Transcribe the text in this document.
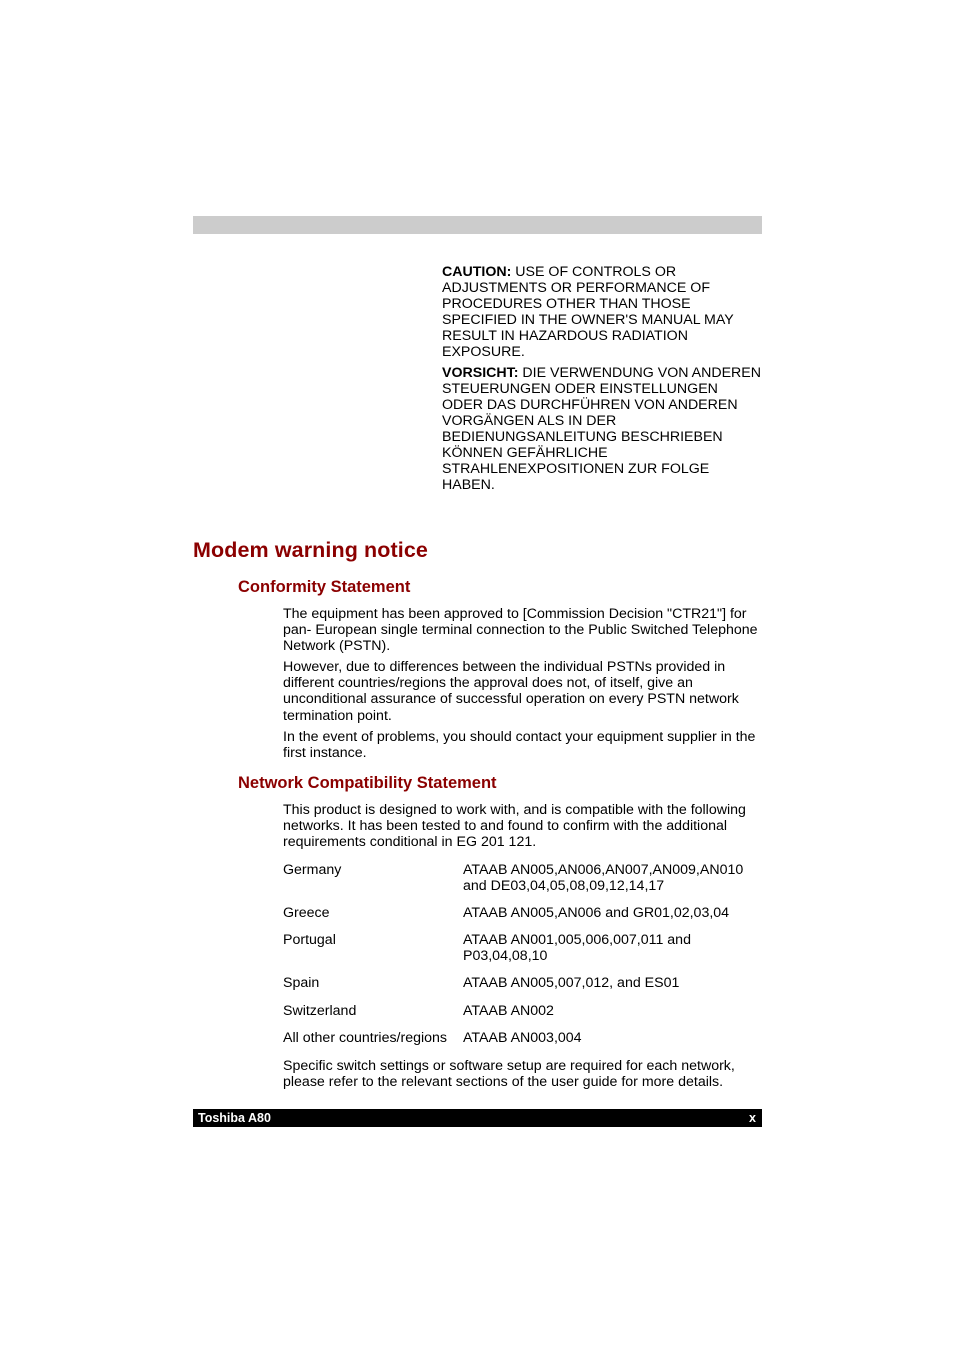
CAUTION: USE OF CONTROLS OR ADJUSTMENTS OR PERFORMANCE OF PROCEDURES OTHER THAN THOSE SPECIFIED IN THE OWNER'S MANUAL MAY RESULT IN HAZARDOUS RADIATION EXPOSURE.

VORSICHT: DIE VERWENDUNG VON ANDEREN STEUERUNGEN ODER EINSTELLUNGEN ODER DAS DURCHFÜHREN VON ANDEREN VORGÄNGEN ALS IN DER BEDIENUNGSANLEITUNG BESCHRIEBEN KÖNNEN GEFÄHRLICHE STRAHLENEXPOSITIONEN ZUR FOLGE HABEN.

Modem warning notice
Conformity Statement

The equipment has been approved to [Commission Decision "CTR21"] for pan- European single terminal connection to the Public Switched Telephone Network (PSTN).

However, due to differences between the individual PSTNs provided in different countries/regions the approval does not, of itself, give an unconditional assurance of successful operation on every PSTN network termination point.

In the event of problems, you should contact your equipment supplier in the first instance.

Network Compatibility Statement

This product is designed to work with, and is compatible with the following networks. It has been tested to and found to confirm with the additional requirements conditional in EG 201 121.

Germany	ATAAB AN005,AN006,AN007,AN009,AN010 and DE03,04,05,08,09,12,14,17
Greece	ATAAB AN005,AN006 and GR01,02,03,04
Portugal	ATAAB AN001,005,006,007,011 and P03,04,08,10
Spain	ATAAB AN005,007,012, and ES01
Switzerland	ATAAB AN002
All other countries/regions	ATAAB AN003,004
Specific switch settings or software setup are required for each network, please refer to the relevant sections of the user guide for more details.
Toshiba A80	x
